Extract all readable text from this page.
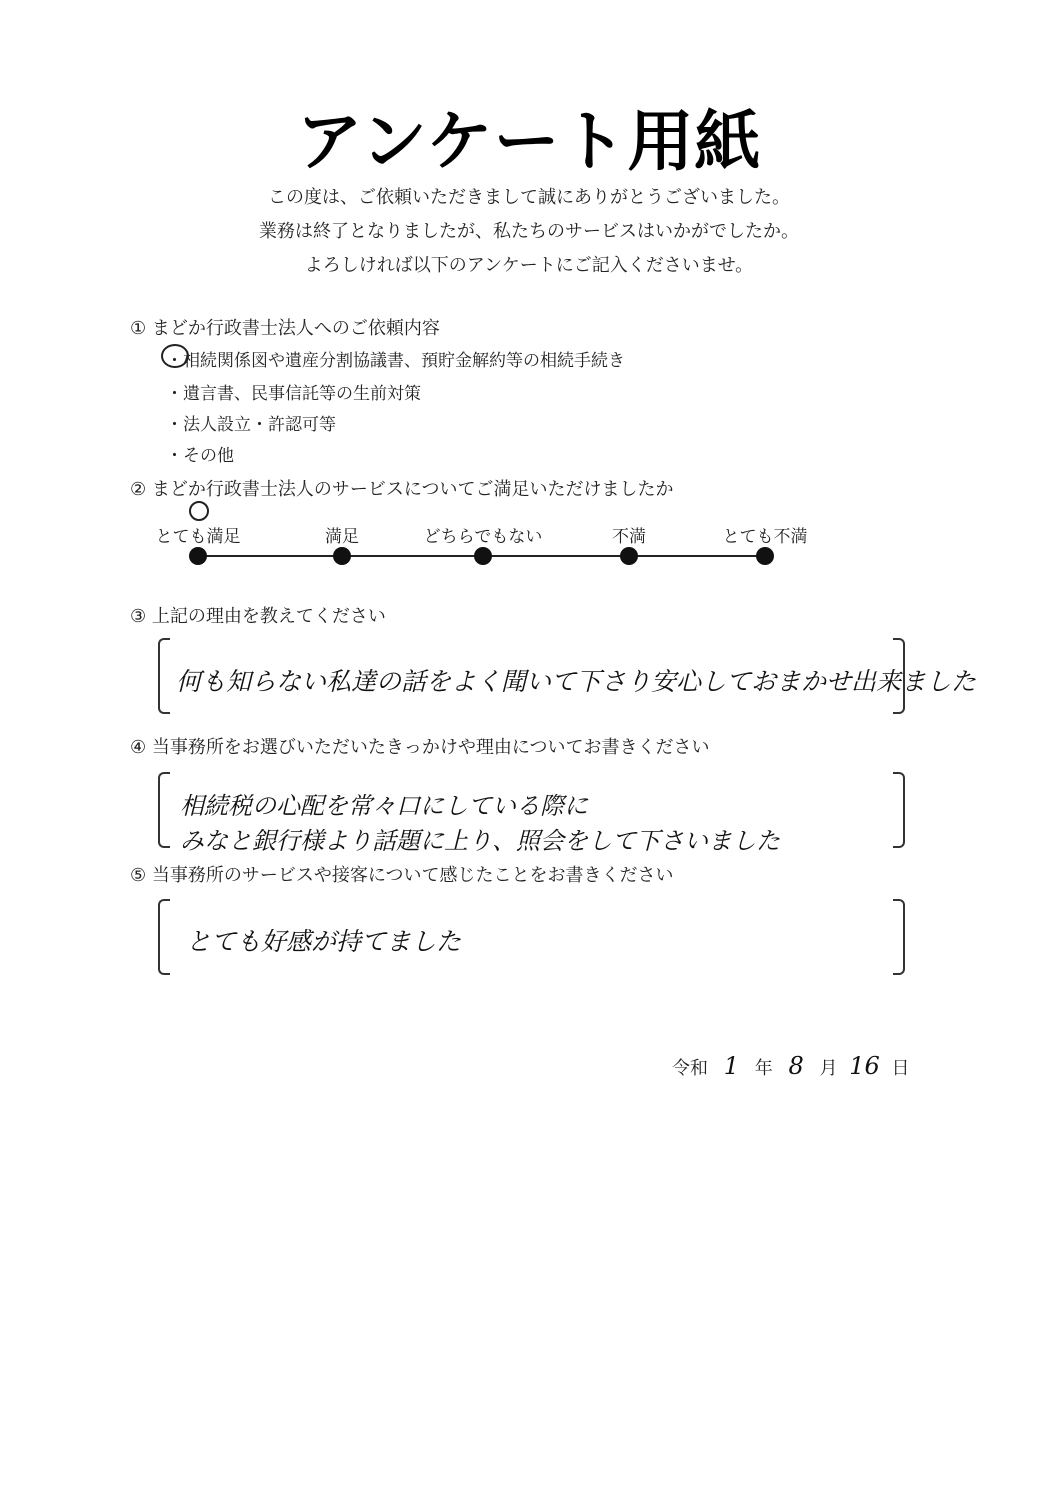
アンケート用紙
この度は、ご依頼いただきまして誠にありがとうございました。
業務は終了となりましたが、私たちのサービスはいかがでしたか。
よろしければ以下のアンケートにご記入くださいませ。
① まどか行政書士法人へのご依頼内容
・相続関係図や遺産分割協議書、預貯金解約等の相続手続き
・遺言書、民事信託等の生前対策
・法人設立・許認可等
・その他
② まどか行政書士法人のサービスについてご満足いただけましたか
とても満足	満足	どちらでもない	不満	とても不満
③ 上記の理由を教えてください
何も知らない私達の話をよく聞いて下さり安心しておまかせ出来ました
④ 当事務所をお選びいただいたきっかけや理由についてお書きください
相続税の心配を常々口にしている際に
みなと銀行様より話題に上り、照会をして下さいました
⑤ 当事務所のサービスや接客について感じたことをお書きください
とても好感が持てました
令和 1 年 8 月 16 日
